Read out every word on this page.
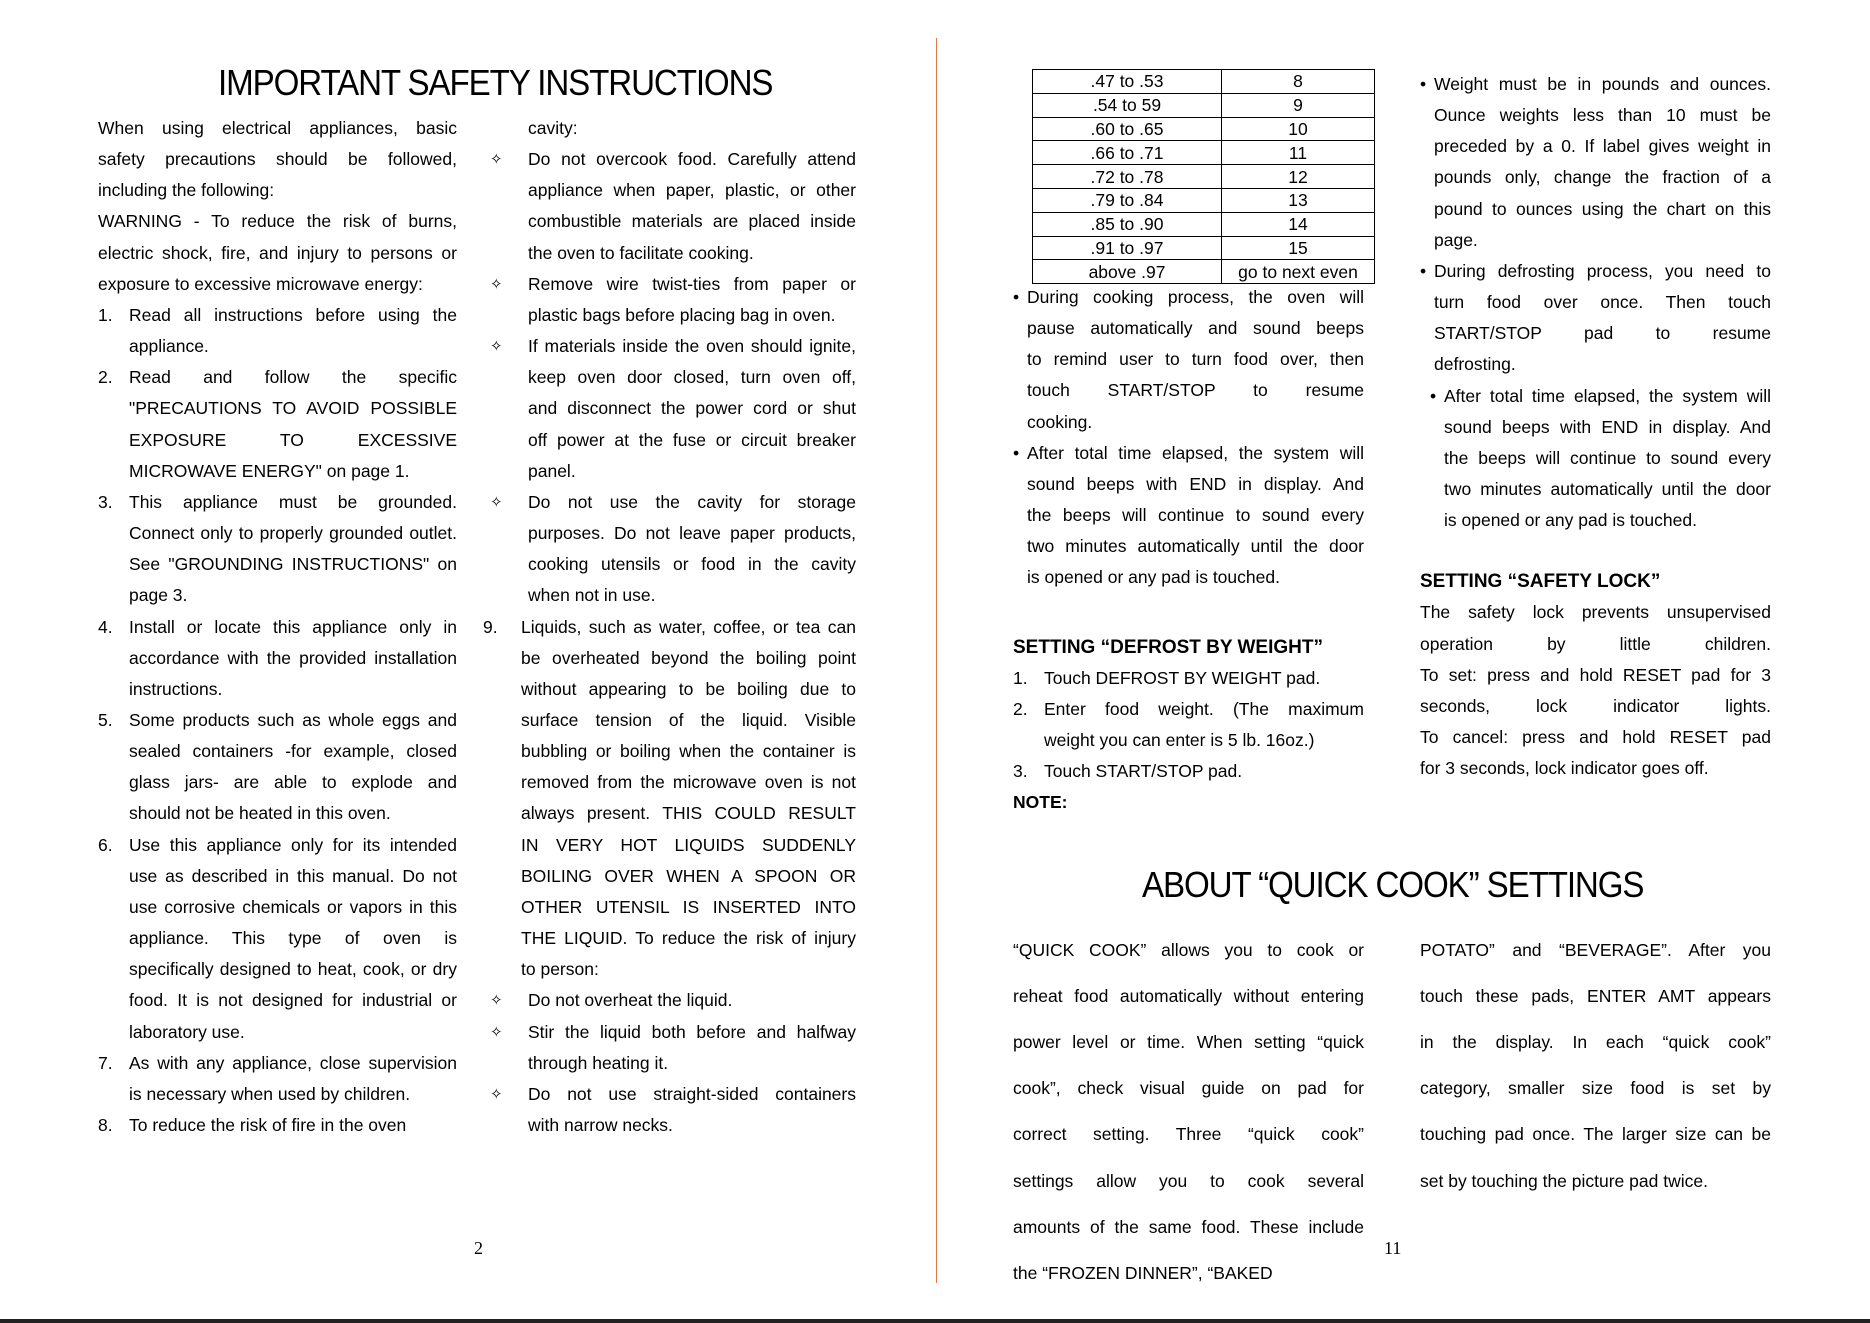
IMPORTANT SAFETY INSTRUCTIONS

When using electrical appliances, basic

safety precautions should be followed,

including the following:

WARNING - To reduce the risk of burns,

electric shock, fire, and injury to persons or

exposure to excessive microwave energy:

1. Read all instructions before using the

appliance.

2. Read and follow the specific

"PRECAUTIONS TO AVOID POSSIBLE

EXPOSURE TO EXCESSIVE

MICROWAVE ENERGY" on page 1.

3. This appliance must be grounded.

Connect only to properly grounded outlet.

See "GROUNDING INSTRUCTIONS" on

page 3.

4. Install or locate this appliance only in

accordance with the provided installation

instructions.

5. Some products such as whole eggs and

sealed containers -for example, closed

glass jars- are able to explode and

should not be heated in this oven.

6. Use this appliance only for its intended

use as described in this manual. Do not

use corrosive chemicals or vapors in this

appliance. This type of oven is

specifically designed to heat, cook, or dry

food. It is not designed for industrial or

laboratory use.

7. As with any appliance, close supervision

is necessary when used by children.

8. To reduce the risk of fire in the oven

cavity:

✧	Do not overcook food. Carefully attend

appliance when paper, plastic, or other

combustible materials are placed inside

the oven to facilitate cooking.

✧	Remove wire twist-ties from paper or

plastic bags before placing bag in oven.

✧	If materials inside the oven should ignite,

keep oven door closed, turn oven off,

and disconnect the power cord or shut

off power at the fuse or circuit breaker

panel.

✧	Do not use the cavity for storage

purposes. Do not leave paper products,

cooking utensils or food in the cavity

when not in use.

9.	Liquids, such as water, coffee, or tea can

be overheated beyond the boiling point

without appearing to be boiling due to

surface tension of the liquid. Visible

bubbling or boiling when the container is

removed from the microwave oven is not

always present. THIS COULD RESULT

IN VERY HOT LIQUIDS SUDDENLY

BOILING OVER WHEN A SPOON OR

OTHER UTENSIL IS INSERTED INTO

THE LIQUID. To reduce the risk of injury

to person:

✧	Do not overheat the liquid.

✧	Stir the liquid both before and halfway

through heating it.

✧	Do not use straight-sided containers

with narrow necks.

2
.47 to .53	8
.54 to 59	9
.60 to .65	10
.66 to .71	11
.72 to .78	12
.79 to .84	13
.85 to .90	14
.91 to .97	15
above .97	go to next even
• During cooking process, the oven will

pause automatically and sound beeps

to remind user to turn food over, then

touch START/STOP to resume

cooking.

• After total time elapsed, the system will

sound beeps with END in display. And

the beeps will continue to sound every

two minutes automatically until the door

is opened or any pad is touched.

SETTING “DEFROST BY WEIGHT”
1. Touch DEFROST BY WEIGHT pad.

2. Enter food weight. (The maximum

weight you can enter is 5 lb. 16oz.)

3. Touch START/STOP pad.

NOTE:
• Weight must be in pounds and ounces.

Ounce weights less than 10 must be

preceded by a 0. If label gives weight in

pounds only, change the fraction of a

pound to ounces using the chart on this

page.

• During defrosting process, you need to

turn food over once. Then touch

START/STOP pad to resume

defrosting.

• After total time elapsed, the system will

sound beeps with END in display. And

the beeps will continue to sound every

two minutes automatically until the door

is opened or any pad is touched.

SETTING “SAFETY LOCK”

The safety lock prevents unsupervised

operation by little children.

To set: press and hold RESET pad for 3

seconds, lock indicator lights.

To cancel: press and hold RESET pad

for 3 seconds, lock indicator goes off.

ABOUT “QUICK COOK” SETTINGS

“QUICK COOK” allows you to cook or

reheat food automatically without entering

power level or time. When setting “quick

cook”, check visual guide on pad for

correct setting. Three “quick cook”

settings allow you to cook several

amounts of the same food. These include

the “FROZEN DINNER”, “BAKED

POTATO” and “BEVERAGE”. After you

touch these pads, ENTER AMT appears

in the display. In each “quick cook”

category, smaller size food is set by

touching pad once. The larger size can be

set by touching the picture pad twice.

11
